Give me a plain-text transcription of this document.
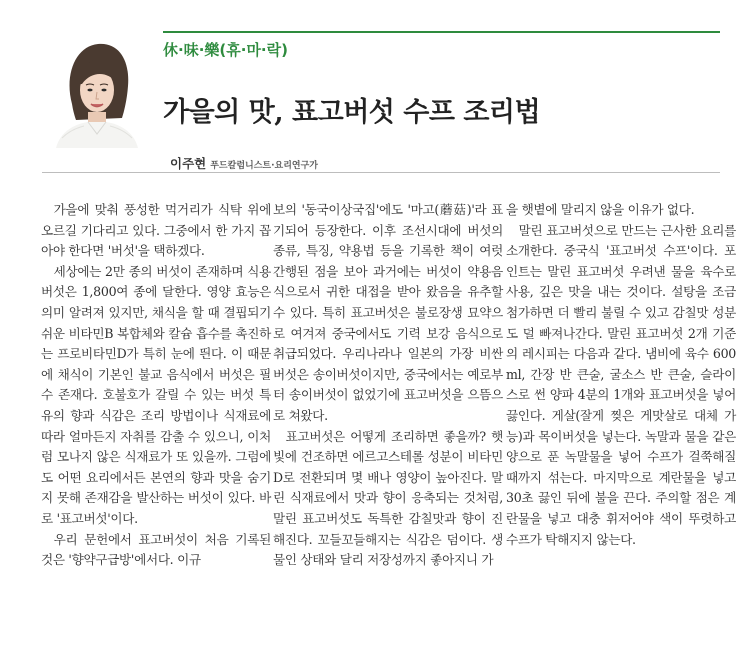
休·味·樂(휴·마·락)
가을의 맛, 표고버섯 수프 조리법
이주현 푸드칼럼니스트·요리연구가

가을에 맞춰 풍성한 먹거리가 식탁 위에 오르길 기다리고 있다. 그중에서 한 가지 꼽아야 한다면 '버섯'을 택하겠다.

세상에는 2만 종의 버섯이 존재하며 식용 버섯은 1,800여 종에 달한다. 영양 효능은 의미 알려져 있지만, 채식을 할 때 결핍되기 쉬운 비타민B 복합체와 칼슘 흡수를 촉진하는 프로비타민D가 특히 눈에 띈다. 이 때문에 채식이 기본인 불교 음식에서 버섯은 필수 존재다. 호불호가 갈릴 수 있는 버섯 특유의 향과 식감은 조리 방법이나 식재료에 따라 얼마든지 자취를 감출 수 있으니, 이처럼 모나지 않은 식재료가 또 있을까. 그럼에도 어떤 요리에서든 본연의 향과 맛을 숨기지 못해 존재감을 발산하는 버섯이 있다. 바로 '표고버섯'이다.

우리 문헌에서 표고버섯이 처음 기록된 것은 '향약구급방'에서다. 이규

보의 '동국이상국집'에도 '마고(蘑菇)'라 표기되어 등장한다. 이후 조선시대에 버섯의 종류, 특징, 약용법 등을 기록한 책이 여럿 간행된 점을 보아 과거에는 버섯이 약용음식으로서 귀한 대접을 받아 왔음을 유추할 수 있다. 특히 표고버섯은 불로장생 묘약으로 여겨져 중국에서도 기력 보강 음식으로 취급되었다. 우리나라나 일본의 가장 비싼 버섯은 송이버섯이지만, 중국에서는 예로부터 송이버섯이 없었기에 표고버섯을 으뜸으로 쳐왔다.

표고버섯은 어떻게 조리하면 좋을까? 햇빛에 건조하면 에르고스테롤 성분이 비타민D로 전환되며 몇 배나 영양이 높아진다. 말린 식재료에서 맛과 향이 응축되는 것처럼, 말린 표고버섯도 독특한 감칠맛과 향이 진해진다. 꼬들꼬들해지는 식감은 덤이다. 생물인 상태와 달리 저장성까지 좋아지니 가

을 햇볕에 말리지 않을 이유가 없다.

말린 표고버섯으로 만드는 근사한 요리를 소개한다. 중국식 '표고버섯 수프'이다. 포인트는 말린 표고버섯 우려낸 물을 육수로 사용, 깊은 맛을 내는 것이다. 설탕을 조금 첨가하면 더 빨리 불릴 수 있고 감칠맛 성분도 덜 빠져나간다. 말린 표고버섯 2개 기준의 레시피는 다음과 같다. 냄비에 육수 600ml, 간장 반 큰술, 굴소스 반 큰술, 슬라이스로 썬 양파 4분의 1개와 표고버섯을 넣어 끓인다. 게살(잘게 찢은 게맛살로 대체 가능)과 목이버섯을 넣는다. 녹말과 물을 같은 양으로 푼 녹말물을 넣어 수프가 걸쭉해질 때까지 섞는다. 마지막으로 계란물을 넣고 30초 끓인 뒤에 불을 끈다. 주의할 점은 계란물을 넣고 대충 휘저어야 색이 뚜렷하고 수프가 탁해지지 않는다.
